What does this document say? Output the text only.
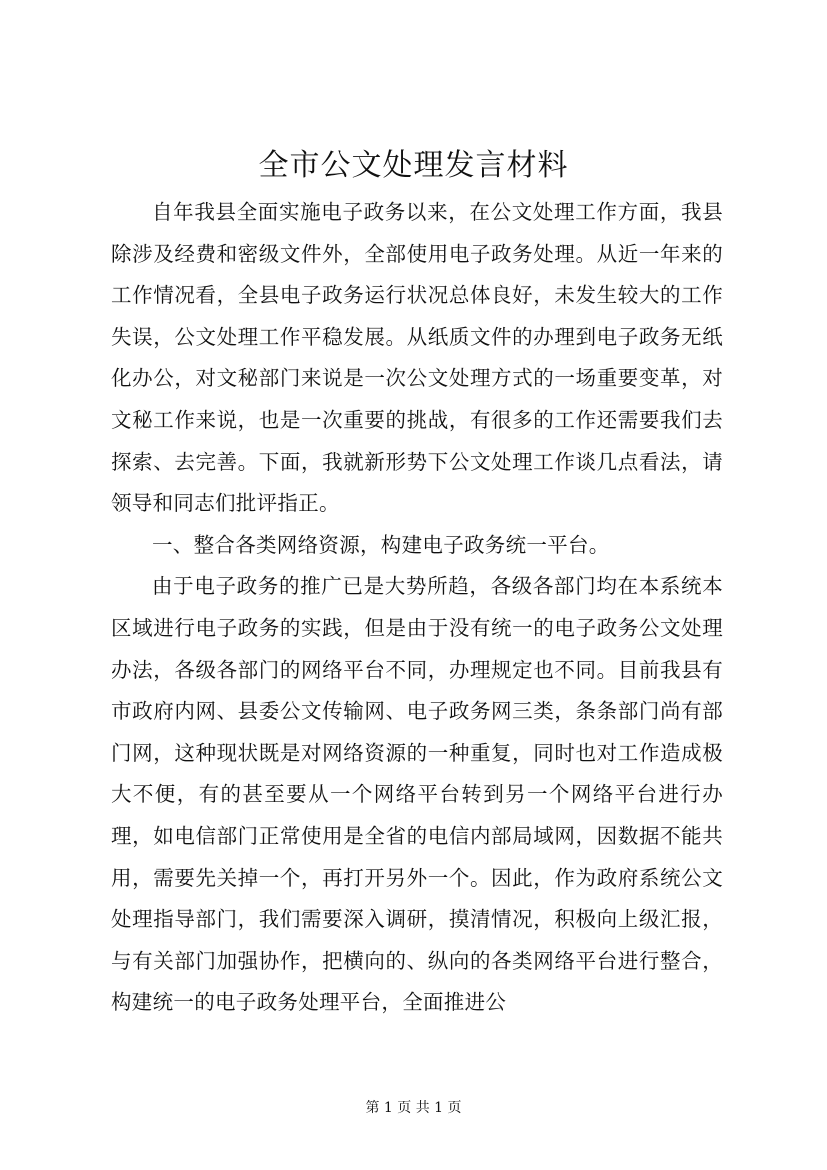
全市公文处理发言材料

自年我县全面实施电子政务以来，在公文处理工作方面，我县除涉及经费和密级文件外，全部使用电子政务处理。从近一年来的工作情况看，全县电子政务运行状况总体良好，未发生较大的工作失误，公文处理工作平稳发展。从纸质文件的办理到电子政务无纸化办公，对文秘部门来说是一次公文处理方式的一场重要变革，对文秘工作来说，也是一次重要的挑战，有很多的工作还需要我们去探索、去完善。下面，我就新形势下公文处理工作谈几点看法，请领导和同志们批评指正。

一、整合各类网络资源，构建电子政务统一平台。

由于电子政务的推广已是大势所趋，各级各部门均在本系统本区域进行电子政务的实践，但是由于没有统一的电子政务公文处理办法，各级各部门的网络平台不同，办理规定也不同。目前我县有市政府内网、县委公文传输网、电子政务网三类，条条部门尚有部门网，这种现状既是对网络资源的一种重复，同时也对工作造成极大不便，有的甚至要从一个网络平台转到另一个网络平台进行办理，如电信部门正常使用是全省的电信内部局域网，因数据不能共用，需要先关掉一个，再打开另外一个。因此，作为政府系统公文处理指导部门，我们需要深入调研，摸清情况，积极向上级汇报，与有关部门加强协作，把横向的、纵向的各类网络平台进行整合，构建统一的电子政务处理平台，全面推进公

第 1 页 共 1 页
